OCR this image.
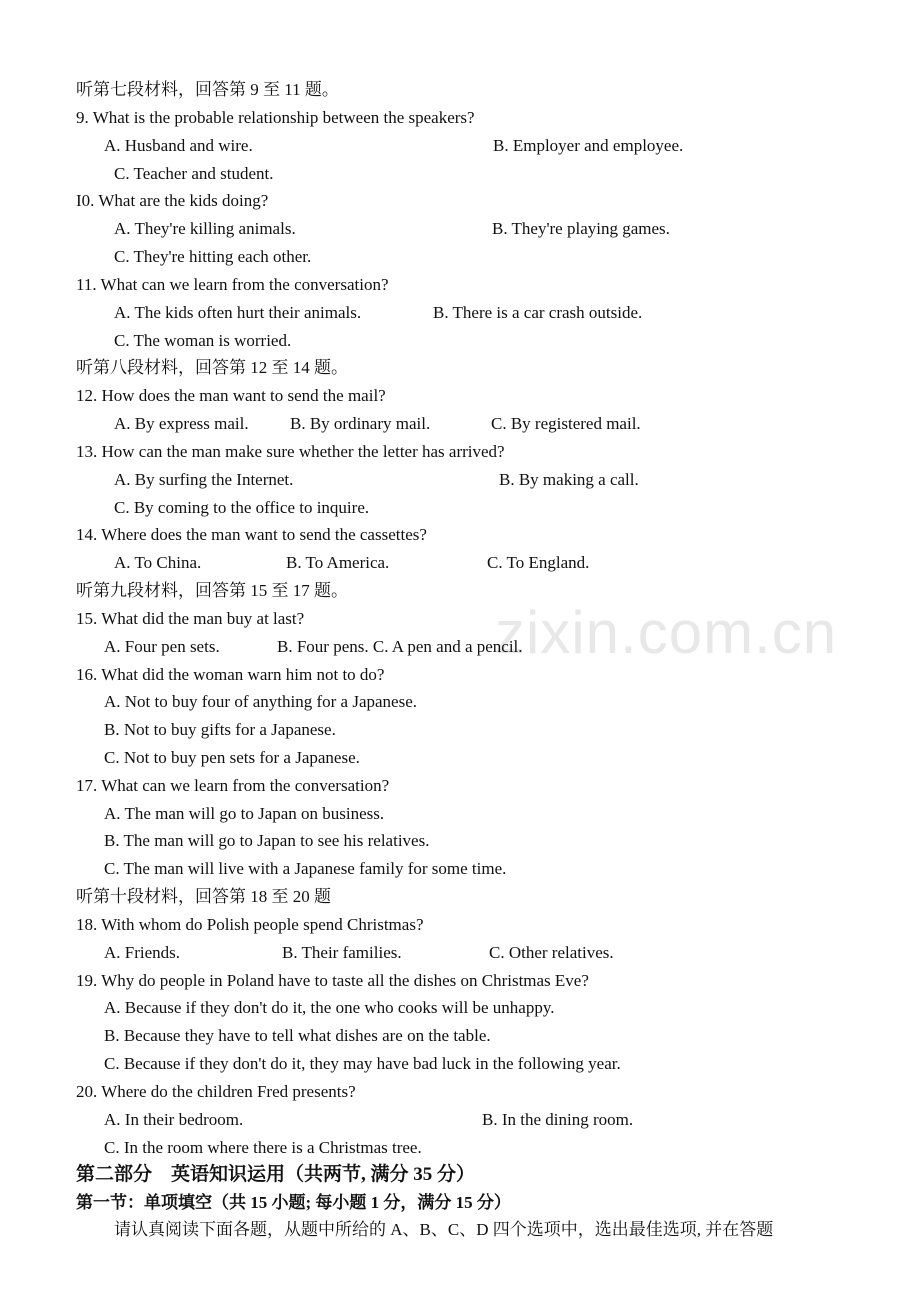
zixin.com.cn
听第七段材料，回答第 9 至 11 题。
9. What is the probable relationship between the speakers?
A. Husband and wire.	B. Employer and employee.
C. Teacher and student.
I0. What are the kids doing?
A. They're killing animals.	B. They're playing games.
C. They're hitting each other.
11. What can we learn from the conversation?
A. The kids often hurt their animals.	B. There is a car crash outside.
C. The woman is worried.
听第八段材料，回答第 12 至 14 题。
12. How does the man want to send the mail?
A. By express mail. B. By ordinary mail.	C. By registered mail.
13. How can the man make sure whether the letter has arrived?
A. By surfing the Internet.	B. By making a call.
C. By coming to the office to inquire.
14. Where does the man want to send the cassettes?
A. To China.	B. To America.	C. To England.
听第九段材料，回答第 15 至 17 题。
15. What did the man buy at last?
A. Four pen sets.	B. Four pens. C. A pen and a pencil.
16. What did the woman warn him not to do?
A. Not to buy four of anything for a Japanese.
B. Not to buy gifts for a Japanese.
C. Not to buy pen sets for a Japanese.
17. What can we learn from the conversation?
A. The man will go to Japan on business.
B. The man will go to Japan to see his relatives.
C. The man will live with a Japanese family for some time.
听第十段材料，回答第 18 至 20 题
18. With whom do Polish people spend Christmas?
A. Friends.	B. Their families.	C. Other relatives.
19. Why do people in Poland have to taste all the dishes on Christmas Eve?
A. Because if they don't do it, the one who cooks will be unhappy.
B. Because they have to tell what dishes are on the table.
C. Because if they don't do it, they may have bad luck in the following year.
20. Where do the children Fred presents?
A. In their bedroom.	B. In the dining room.
C. In the room where there is a Christmas tree.
第二部分　英语知识运用（共两节, 满分 35 分）
第一节：单项填空（共 15 小题; 每小题 1 分，满分 15 分）
请认真阅读下面各题，从题中所给的 A、B、C、D 四个选项中，选出最佳选项, 并在答题
